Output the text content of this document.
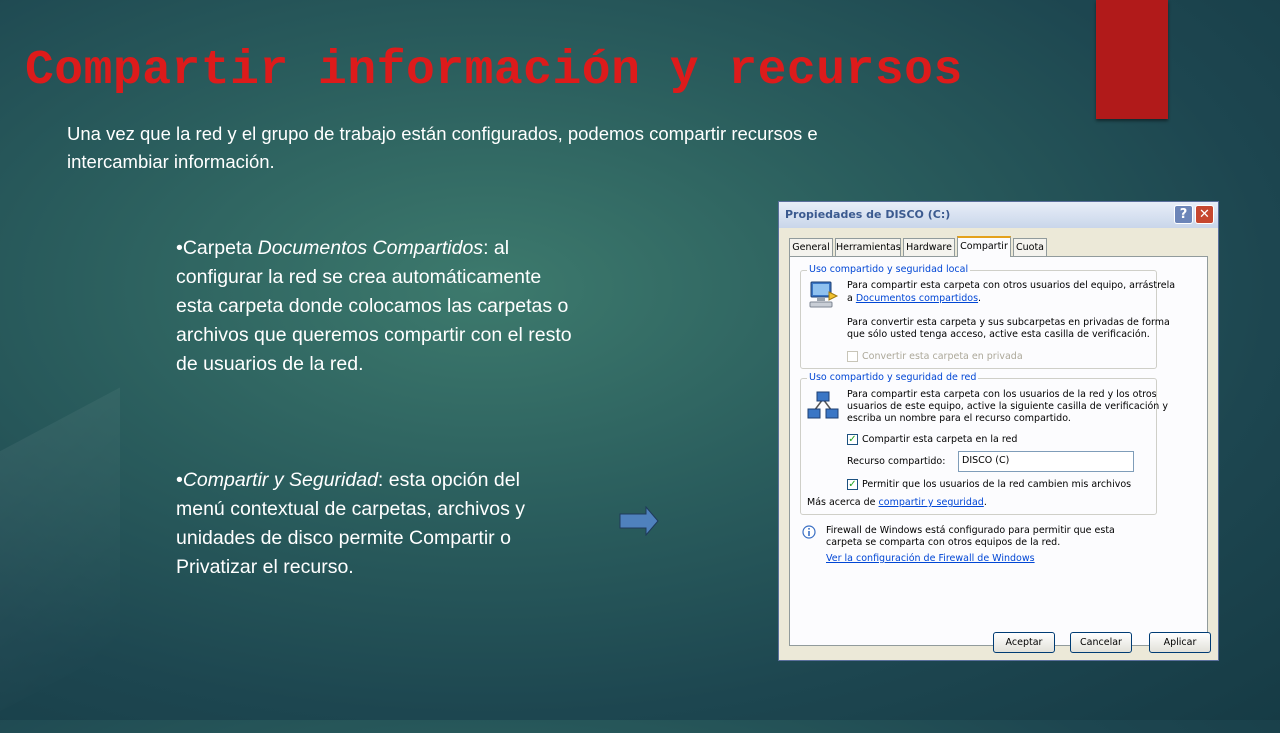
Compartir información y recursos

Una vez que la red y el grupo de trabajo están configurados, podemos compartir recursos e intercambiar información.

•Carpeta Documentos Compartidos: al configurar la red se crea automáticamente esta carpeta donde colocamos las carpetas o archivos que queremos compartir con el resto de usuarios de la red.

•Compartir y Seguridad: esta opción del menú contextual de carpetas, archivos y unidades de disco permite Compartir o Privatizar el recurso.

Propiedades de DISCO (C:)	? ✕
General Herramientas Hardware Compartir Cuota
Uso compartido y seguridad local
Para compartir esta carpeta con otros usuarios del equipo, arrástrela
a Documentos compartidos.
Para convertir esta carpeta y sus subcarpetas en privadas de forma
que sólo usted tenga acceso, active esta casilla de verificación.
Convertir esta carpeta en privada
Uso compartido y seguridad de red
Para compartir esta carpeta con los usuarios de la red y los otros
usuarios de este equipo, active la siguiente casilla de verificación y
escriba un nombre para el recurso compartido.
✓ Compartir esta carpeta en la red
Recurso compartido:	DISCO (C)
✓ Permitir que los usuarios de la red cambien mis archivos
Más acerca de compartir y seguridad.
Firewall de Windows está configurado para permitir que esta
carpeta se comparta con otros equipos de la red.
Ver la configuración de Firewall de Windows
Aceptar	Cancelar	Aplicar
